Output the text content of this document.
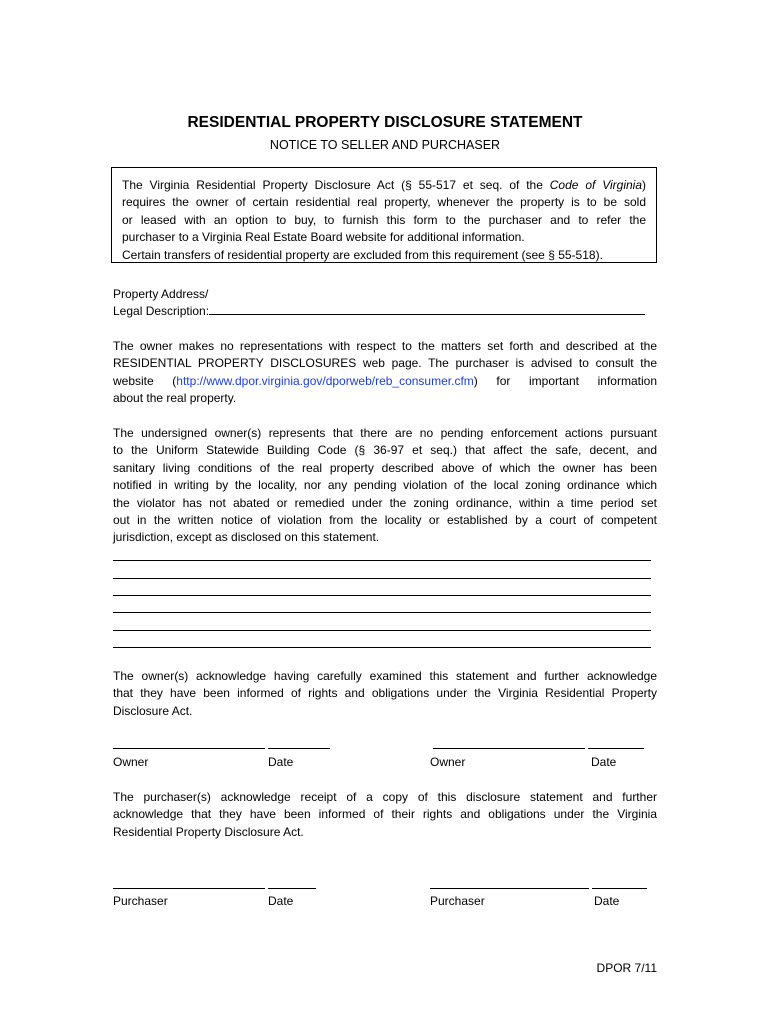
RESIDENTIAL PROPERTY DISCLOSURE STATEMENT
NOTICE TO SELLER AND PURCHASER
The Virginia Residential Property Disclosure Act (§ 55-517 et seq. of the Code of Virginia)
requires the owner of certain residential real property, whenever the property is to be sold
or leased with an option to buy, to furnish this form to the purchaser and to refer the
purchaser to a Virginia Real Estate Board website for additional information.
Certain transfers of residential property are excluded from this requirement (see § 55-518).
Property Address/
Legal Description:
The owner makes no representations with respect to the matters set forth and described at the
RESIDENTIAL PROPERTY DISCLOSURES web page. The purchaser is advised to consult the
website (http://www.dpor.virginia.gov/dporweb/reb_consumer.cfm) for important information
about the real property.
The undersigned owner(s) represents that there are no pending enforcement actions pursuant
to the Uniform Statewide Building Code (§ 36-97 et seq.) that affect the safe, decent, and
sanitary living conditions of the real property described above of which the owner has been
notified in writing by the locality, nor any pending violation of the local zoning ordinance which
the violator has not abated or remedied under the zoning ordinance, within a time period set
out in the written notice of violation from the locality or established by a court of competent
jurisdiction, except as disclosed on this statement.
The owner(s) acknowledge having carefully examined this statement and further acknowledge
that they have been informed of rights and obligations under the Virginia Residential Property
Disclosure Act.
Owner	Date	Owner	Date
The purchaser(s) acknowledge receipt of a copy of this disclosure statement and further
acknowledge that they have been informed of their rights and obligations under the Virginia
Residential Property Disclosure Act.
Purchaser	Date	Purchaser	Date
DPOR 7/11
